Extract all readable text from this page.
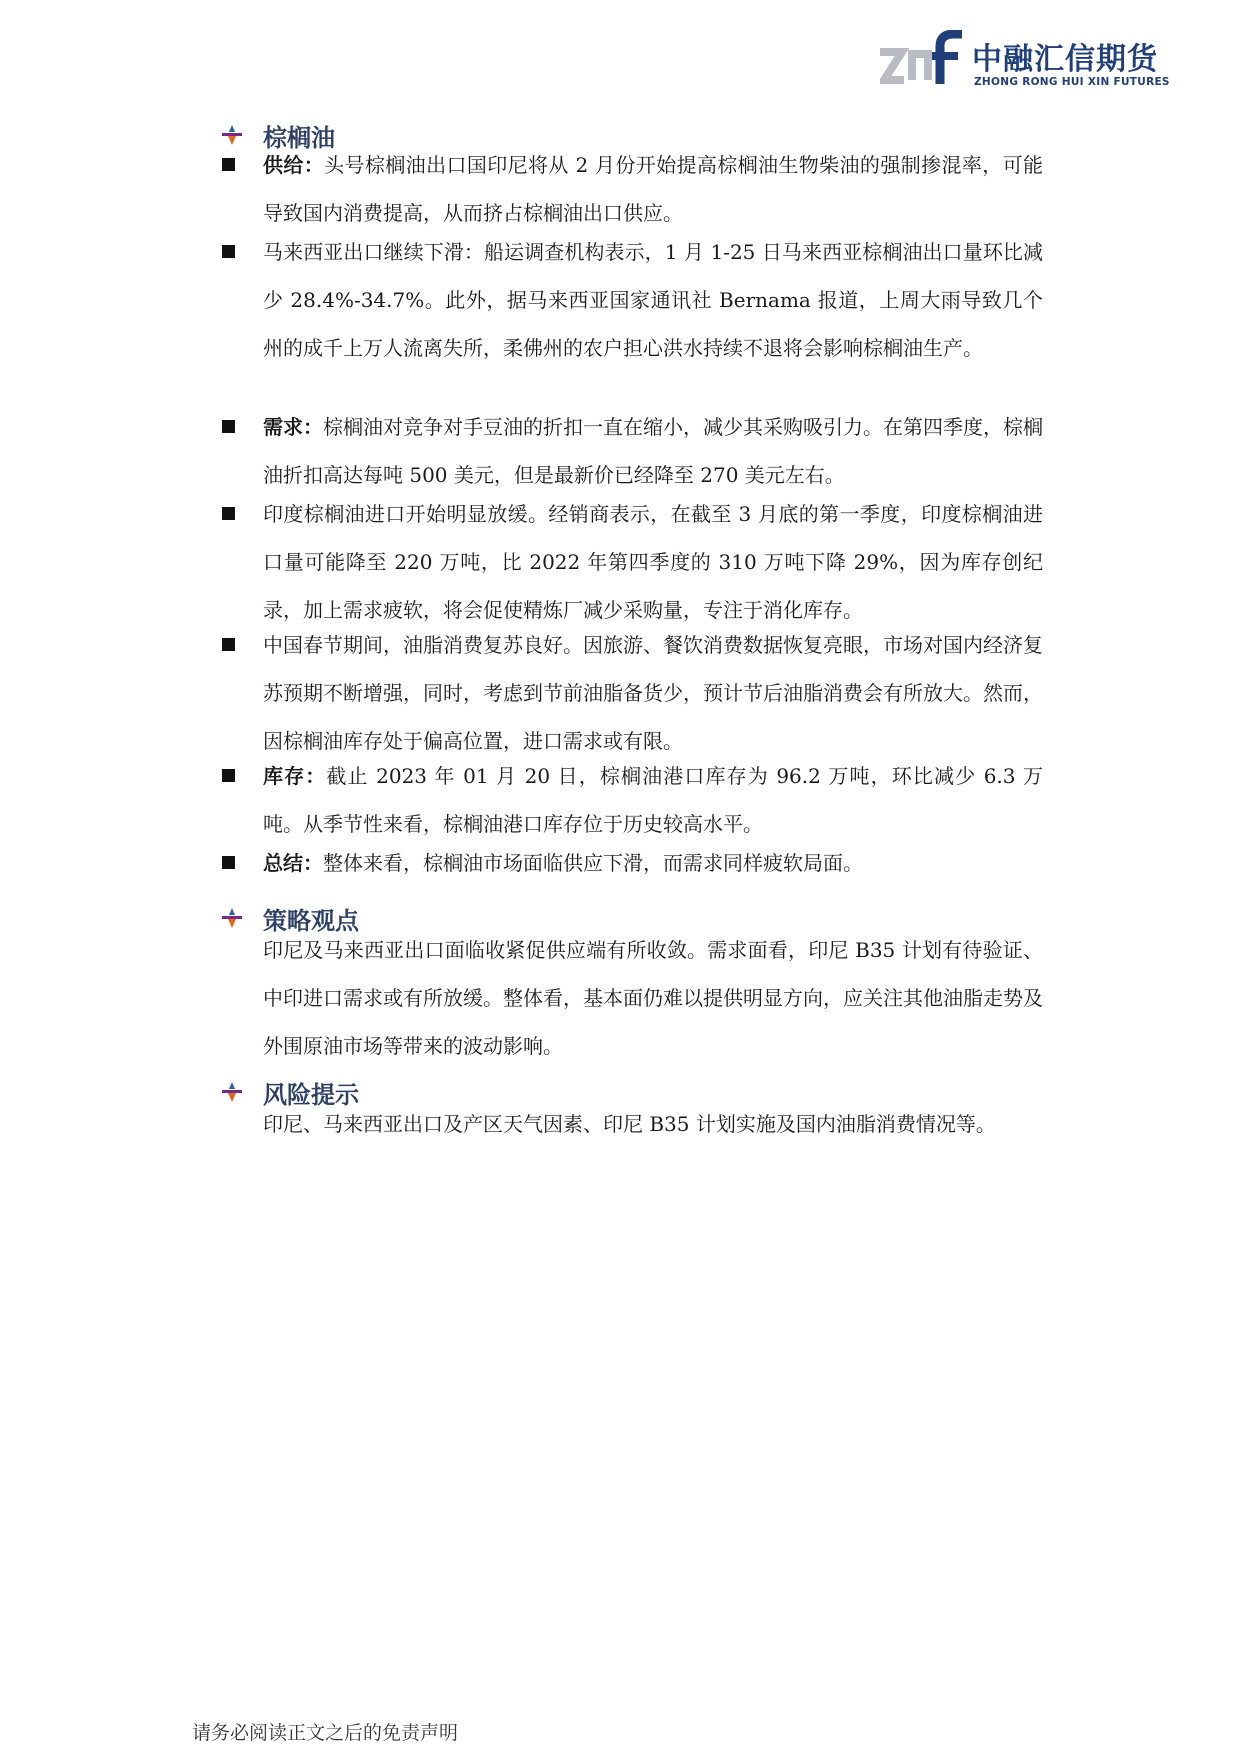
中融汇信期货
ZHONG RONG HUI XIN FUTURES
棕榈油

供给：头号棕榈油出口国印尼将从 2 月份开始提高棕榈油生物柴油的强制掺混率，可能导致国内消费提高，从而挤占棕榈油出口供应。

马来西亚出口继续下滑：船运调查机构表示，1 月 1-25 日马来西亚棕榈油出口量环比减少 28.4%-34.7%。此外，据马来西亚国家通讯社 Bernama 报道，上周大雨导致几个州的成千上万人流离失所，柔佛州的农户担心洪水持续不退将会影响棕榈油生产。

需求：棕榈油对竞争对手豆油的折扣一直在缩小，减少其采购吸引力。在第四季度，棕榈油折扣高达每吨 500 美元，但是最新价已经降至 270 美元左右。

印度棕榈油进口开始明显放缓。经销商表示，在截至 3 月底的第一季度，印度棕榈油进口量可能降至 220 万吨，比 2022 年第四季度的 310 万吨下降 29%，因为库存创纪录，加上需求疲软，将会促使精炼厂减少采购量，专注于消化库存。

中国春节期间，油脂消费复苏良好。因旅游、餐饮消费数据恢复亮眼，市场对国内经济复苏预期不断增强，同时，考虑到节前油脂备货少，预计节后油脂消费会有所放大。然而，因棕榈油库存处于偏高位置，进口需求或有限。

库存：截止 2023 年 01 月 20 日，棕榈油港口库存为 96.2 万吨，环比减少 6.3 万吨。从季节性来看，棕榈油港口库存位于历史较高水平。

总结：整体来看，棕榈油市场面临供应下滑，而需求同样疲软局面。

策略观点

印尼及马来西亚出口面临收紧促供应端有所收敛。需求面看，印尼 B35 计划有待验证、中印进口需求或有所放缓。整体看，基本面仍难以提供明显方向，应关注其他油脂走势及外围原油市场等带来的波动影响。

风险提示

印尼、马来西亚出口及产区天气因素、印尼 B35 计划实施及国内油脂消费情况等。

请务必阅读正文之后的免责声明
